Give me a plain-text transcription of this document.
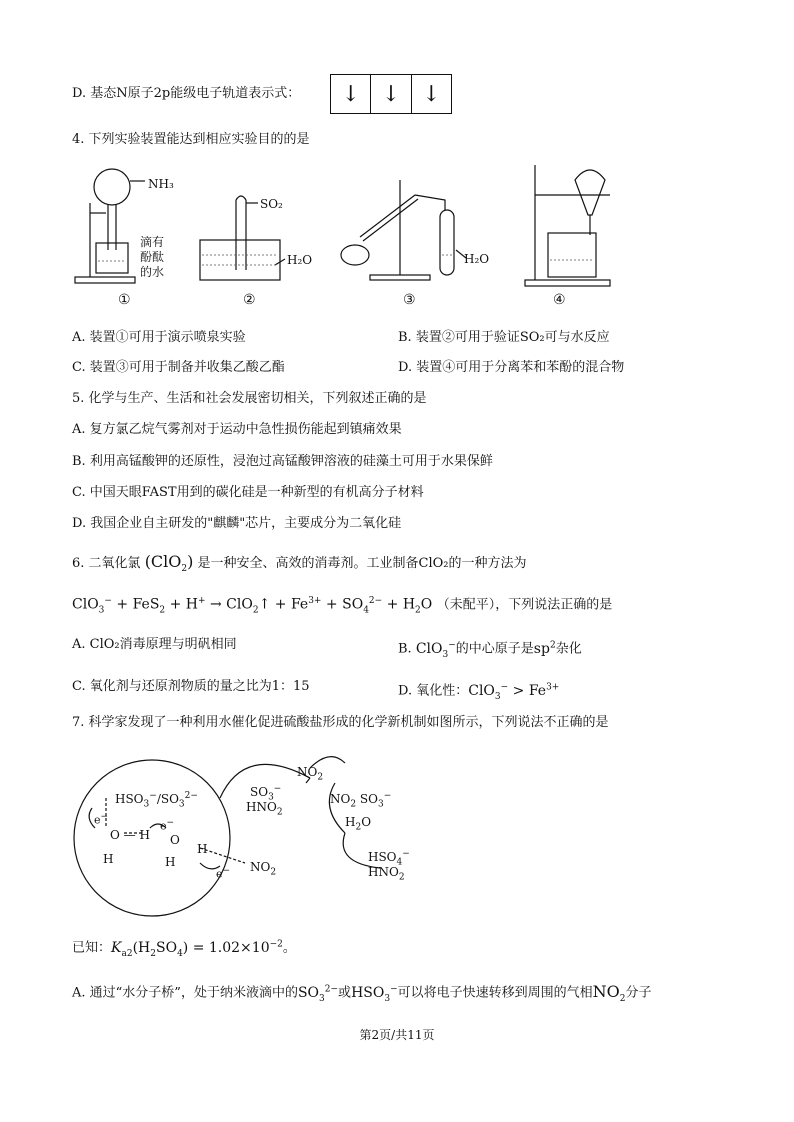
D. 基态N原子2p能级电子轨道表示式：	↓ ↓ ↓
4. 下列实验装置能达到相应实验目的的是
NH₃
滴有
酚酞
的水
SO₂
H₂O	H₂O
①	②	③	④
A. 装置①可用于演示喷泉实验	B. 装置②可用于验证SO₂可与水反应
C. 装置③可用于制备并收集乙酸乙酯	D. 装置④可用于分离苯和苯酚的混合物
5. 化学与生产、生活和社会发展密切相关，下列叙述正确的是
A. 复方氯乙烷气雾剂对于运动中急性损伤能起到镇痛效果
B. 利用高锰酸钾的还原性，浸泡过高锰酸钾溶液的硅藻土可用于水果保鲜
C. 中国天眼FAST用到的碳化硅是一种新型的有机高分子材料
D. 我国企业自主研发的"麒麟"芯片，主要成分为二氧化硅
6. 二氧化氯 (ClO$_2$) 是一种安全、高效的消毒剂。工业制备ClO₂的一种方法为
ClO$_3$− + FeS$_2$ + H+ → ClO$_2$↑ + $Fe^{3+} + SO_4^{2-} + H_2O$ （未配平），下列说法正确的是
A. ClO₂消毒原理与明矾相同	B. ClO$_3$−的中心原子是$sp^2$杂化
C. 氧化剂与还原剂物质的量之比为1：15	D. 氧化性：$ClO_3^- > Fe^{3+}$
7. 科学家发现了一种利用水催化促进硫酸盐形成的化学新机制如图所示，下列说法不正确的是
$HSO_3^-/SO_3^{2-}$
e−
O — H
H
e−
O
H
H
e− $NO_2$
$SO_3^-$
$HNO_2$
$NO_2$
$NO_2$ $SO_3^-$
$H_2O$
$HSO_4^-$
$HNO_2$
已知：$K_{a2}(H_2SO_4) = 1.02\times 10^{-2}$。
A. 通过“水分子桥”，处于纳米液滴中的$SO_3^{2-}$或$HSO_3^-$可以将电子快速转移到周围的气相$NO_2$分子
第2页/共11页
